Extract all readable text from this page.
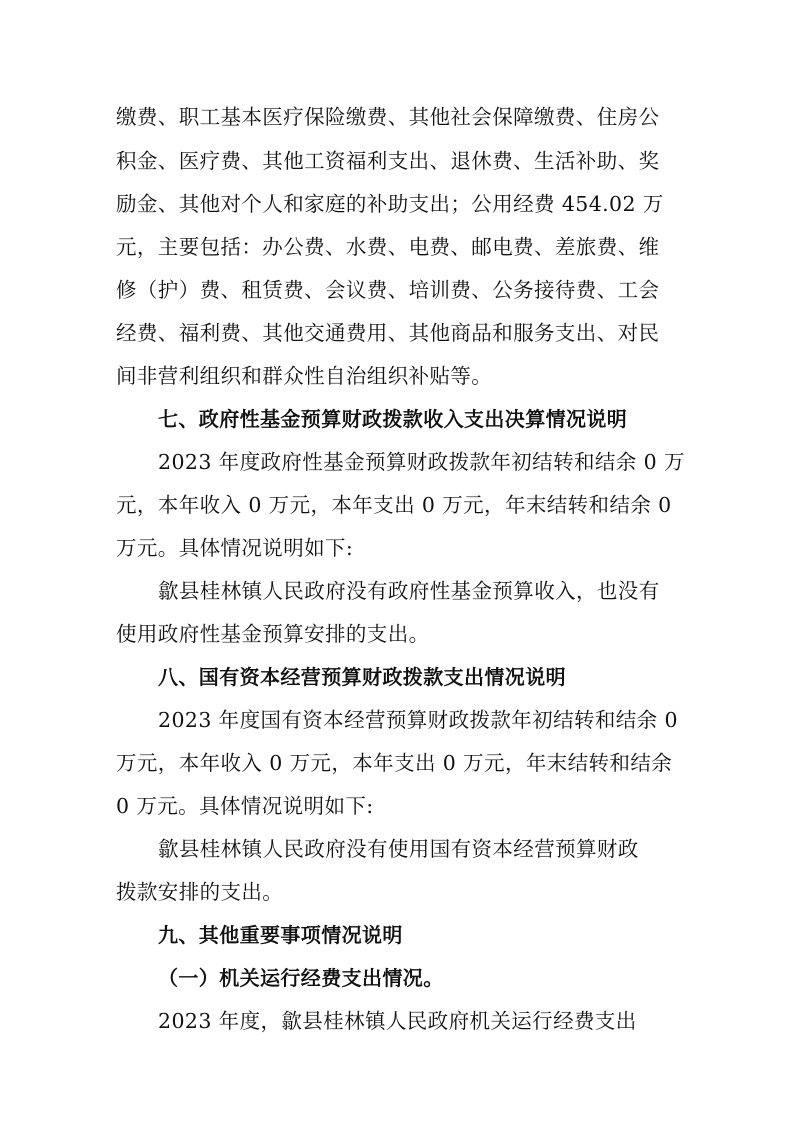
缴费、职工基本医疗保险缴费、其他社会保障缴费、住房公
积金、医疗费、其他工资福利支出、退休费、生活补助、奖
励金、其他对个人和家庭的补助支出；公用经费 454.02 万
元，主要包括：办公费、水费、电费、邮电费、差旅费、维
修（护）费、租赁费、会议费、培训费、公务接待费、工会
经费、福利费、其他交通费用、其他商品和服务支出、对民
间非营利组织和群众性自治组织补贴等。
七、政府性基金预算财政拨款收入支出决算情况说明
2023 年度政府性基金预算财政拨款年初结转和结余 0 万
元，本年收入 0 万元，本年支出 0 万元，年末结转和结余 0
万元。具体情况说明如下:
歙县桂林镇人民政府没有政府性基金预算收入，也没有
使用政府性基金预算安排的支出。
八、国有资本经营预算财政拨款支出情况说明
2023 年度国有资本经营预算财政拨款年初结转和结余 0
万元，本年收入 0 万元，本年支出 0 万元，年末结转和结余
0 万元。具体情况说明如下:
歙县桂林镇人民政府没有使用国有资本经营预算财政
拨款安排的支出。
九、其他重要事项情况说明
（一）机关运行经费支出情况。
2023 年度，歙县桂林镇人民政府机关运行经费支出
